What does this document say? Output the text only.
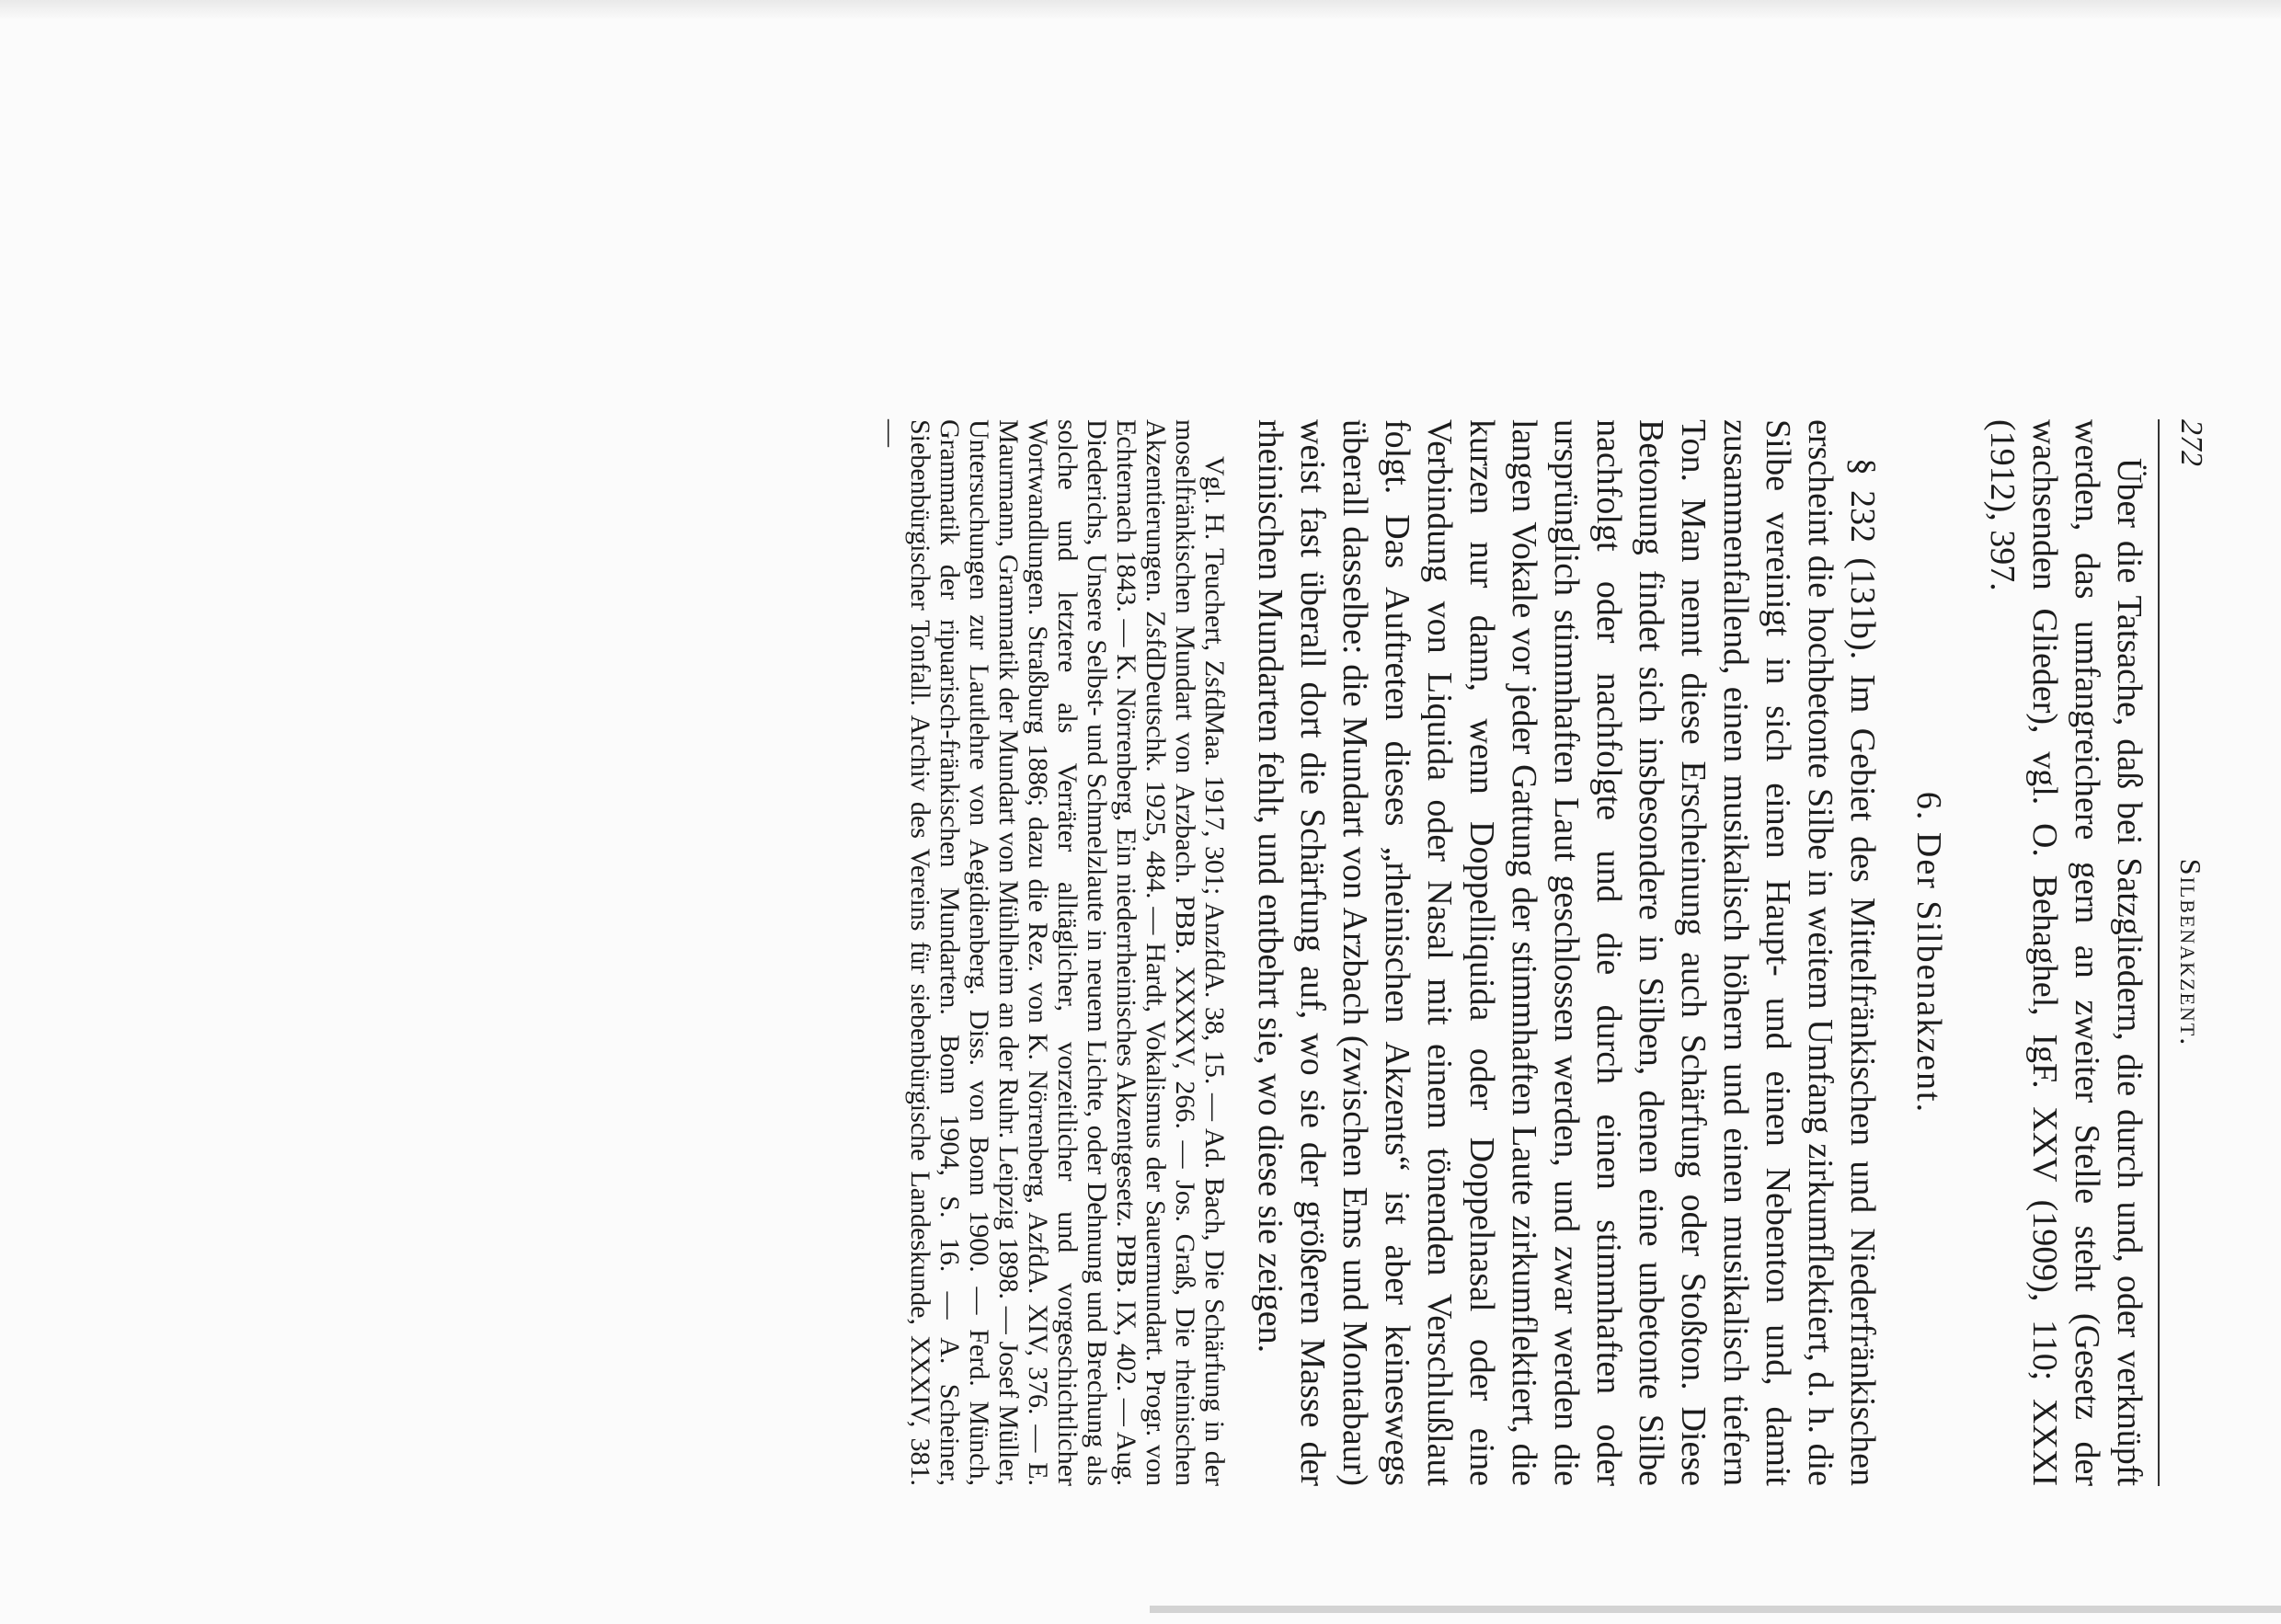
Silbenakzent.
272

Über die Tatsache, daß bei Satzgliedern, die durch und, oder verknüpft werden, das umfangreichere gern an zweiter Stelle steht (Gesetz der wachsenden Glieder), vgl. O. Behaghel, IgF. XXV (1909), 110; XXXI (1912), 397.

6. Der Silbenakzent.

§ 232 (131b). Im Gebiet des Mittelfränkischen und Niederfränkischen erscheint die hochbetonte Silbe in weitem Umfang zirkumflektiert, d. h. die Silbe vereinigt in sich einen Haupt- und einen Nebenton und, damit zusammenfallend, einen musikalisch höhern und einen musikalisch tiefern Ton. Man nennt diese Erscheinung auch Schärfung oder Stoßton. Diese Betonung findet sich insbesondere in Silben, denen eine unbetonte Silbe nachfolgt oder nachfolgte und die durch einen stimmhaften oder ursprünglich stimmhaften Laut geschlossen werden, und zwar werden die langen Vokale vor jeder Gattung der stimmhaften Laute zirkumflektiert, die kurzen nur dann, wenn Doppelliquida oder Doppelnasal oder eine Verbindung von Liquida oder Nasal mit einem tönenden Verschlußlaut folgt. Das Auftreten dieses „rheinischen Akzents“ ist aber keineswegs überall dasselbe: die Mundart von Arzbach (zwischen Ems und Montabaur) weist fast überall dort die Schärfung auf, wo sie der größeren Masse der rheinischen Mundarten fehlt, und entbehrt sie, wo diese sie zeigen.

Vgl. H. Teuchert, ZsfdMaa. 1917, 301; AnzfdA. 38, 15. — Ad. Bach, Die Schärfung in der moselfränkischen Mundart von Arzbach. PBB. XXXXV, 266. — Jos. Graß, Die rheinischen Akzentierungen. ZsfdDeutschk. 1925, 484. — Hardt, Vokalismus der Sauermundart. Progr. von Echternach 1843. — K. Nörrenberg, Ein niederrheinisches Akzentgesetz. PBB. IX, 402. — Aug. Diederichs, Unsere Selbst- und Schmelzlaute in neuem Lichte, oder Dehnung und Brechung als solche und letztere als Verräter alltäglicher, vorzeitlicher und vorgeschichtlicher Wortwandlungen. Straßburg 1886; dazu die Rez. von K. Nörrenberg, AzfdA. XIV, 376. — E. Maurmann, Grammatik der Mundart von Mühlheim an der Ruhr. Leipzig 1898. — Josef Müller, Untersuchungen zur Lautlehre von Aegidienberg. Diss. von Bonn 1900. — Ferd. Münch, Grammatik der ripuarisch-fränkischen Mundarten. Bonn 1904, S. 16. — A. Scheiner, Siebenbürgischer Tonfall. Archiv des Vereins für siebenbürgische Landeskunde, XXXIV, 381. —
